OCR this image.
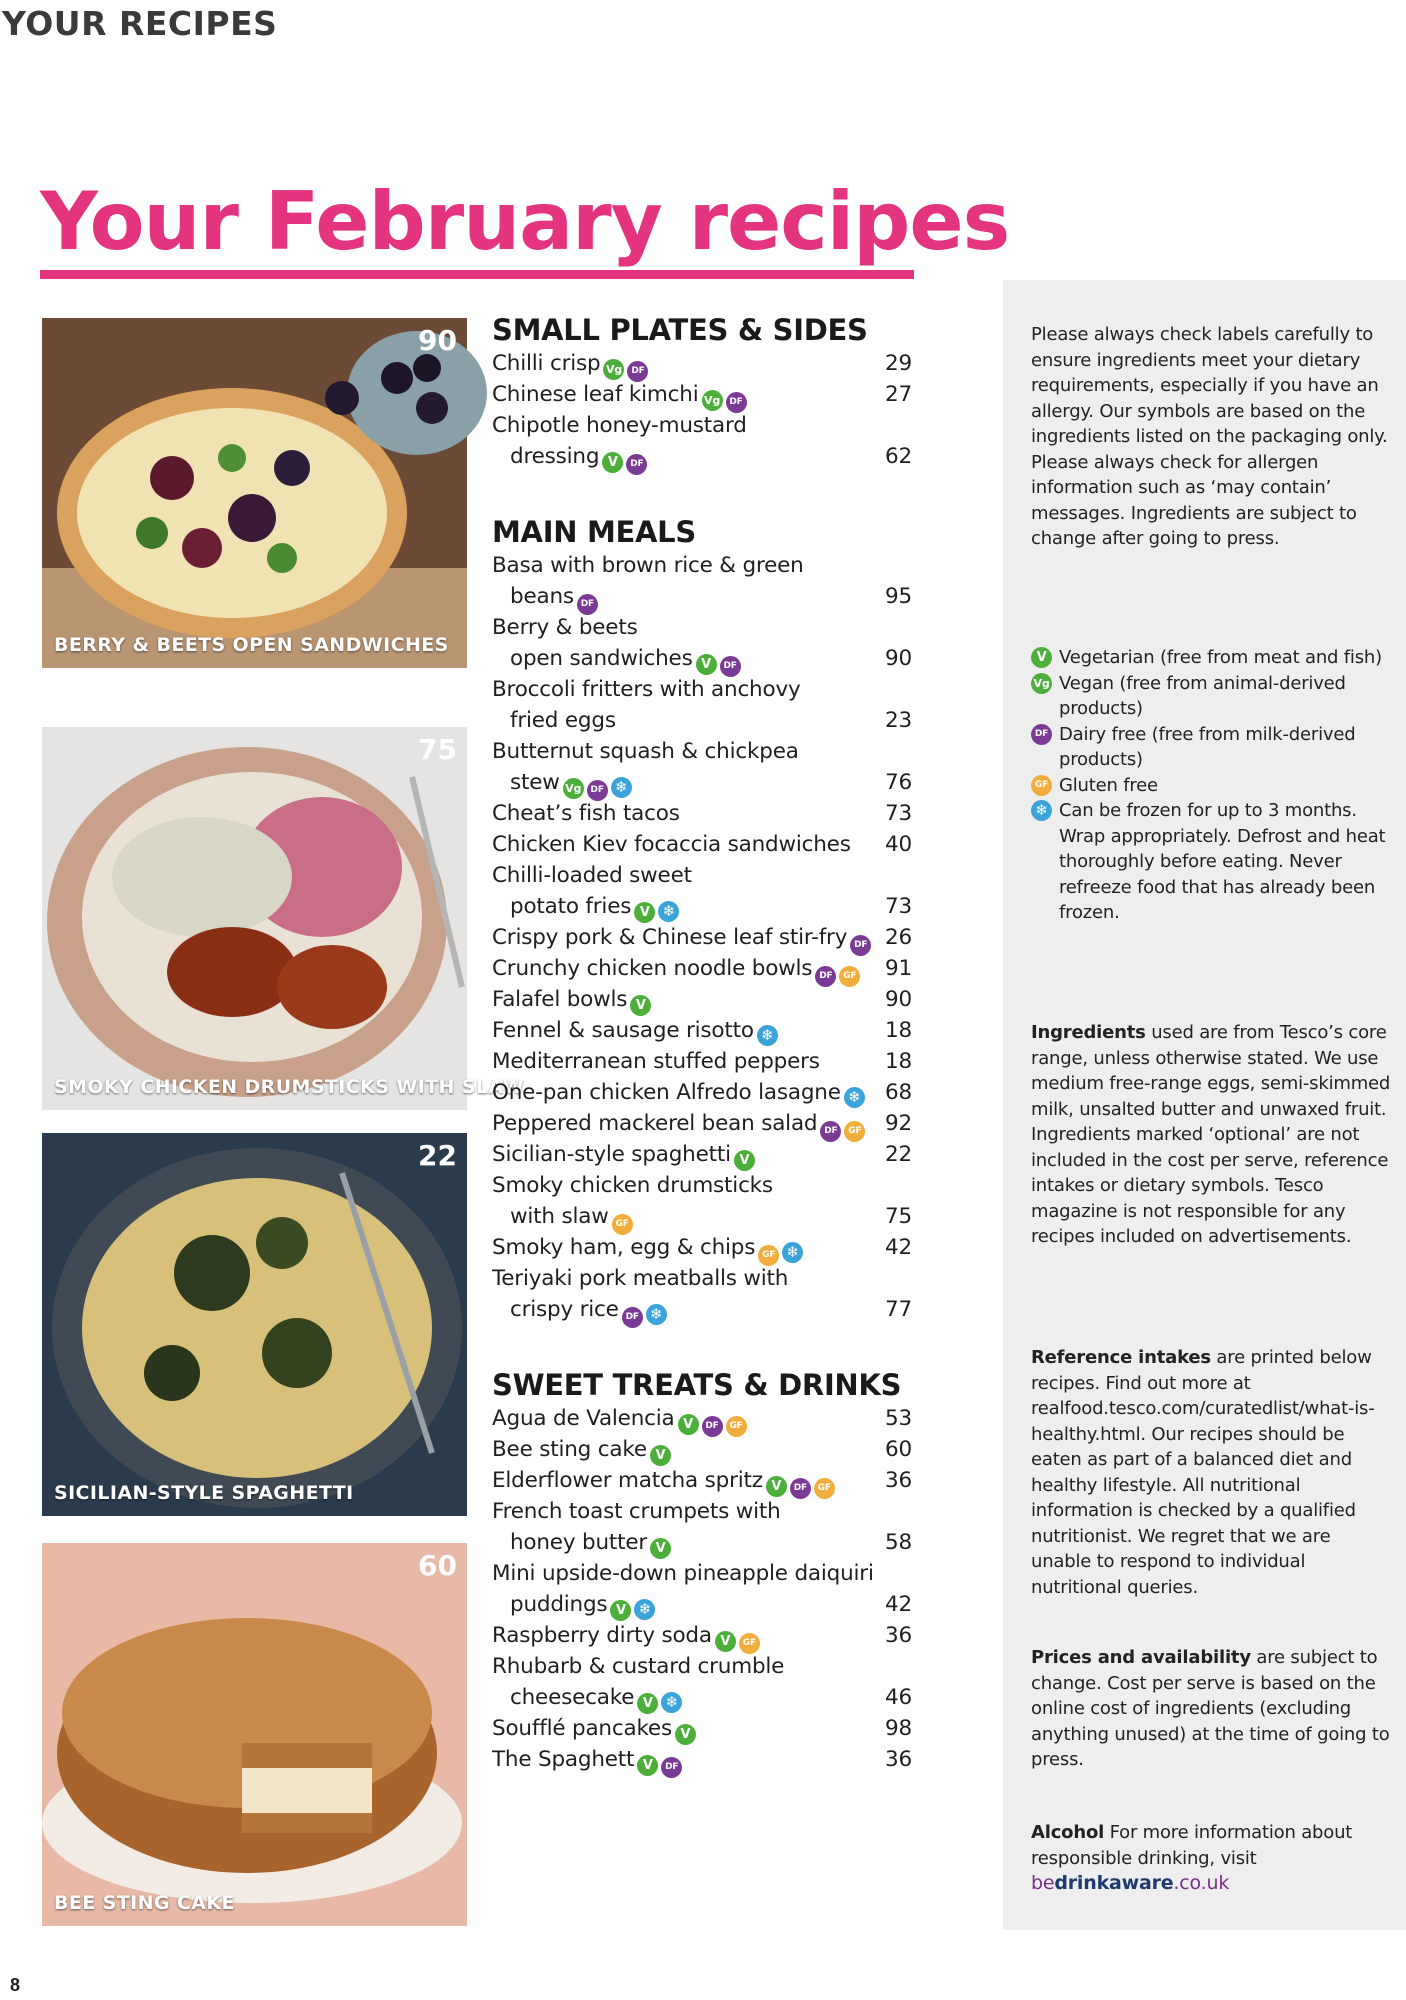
YOUR RECIPES
Your February recipes
90
BERRY & BEETS OPEN SANDWICHES
75
SMOKY CHICKEN DRUMSTICKS WITH SLAW
22
SICILIAN-STYLE SPAGHETTI
60
BEE STING CAKE
SMALL PLATES & SIDES
Chilli crisp Vg DF	29
Chinese leaf kimchi Vg DF	27
Chipotle honey-mustard
dressing V DF	62
MAIN MEALS
Basa with brown rice & green
beans DF	95
Berry & beets
open sandwiches V DF	90
Broccoli fritters with anchovy
fried eggs	23
Butternut squash & chickpea
stew Vg DF ❄	76
Cheat’s fish tacos	73
Chicken Kiev focaccia sandwiches 40
Chilli-loaded sweet
potato fries V ❄	73
Crispy pork & Chinese leaf stir-fry DF 26
Crunchy chicken noodle bowls DF GF 91
Falafel bowls V	90
Fennel & sausage risotto ❄	18
Mediterranean stuffed peppers	18
One-pan chicken Alfredo lasagne ❄ 68
Peppered mackerel bean salad DF GF 92
Sicilian-style spaghetti V	22
Smoky chicken drumsticks
with slaw GF	75
Smoky ham, egg & chips GF ❄	42
Teriyaki pork meatballs with
crispy rice DF ❄	77
SWEET TREATS & DRINKS
Agua de Valencia V DF GF	53
Bee sting cake V	60
Elderflower matcha spritz V DF GF	36
French toast crumpets with
honey butter V	58
Mini upside-down pineapple daiquiri
puddings V ❄	42
Raspberry dirty soda V GF	36
Rhubarb & custard crumble
cheesecake V ❄	46
Soufflé pancakes V	98
The Spaghett V DF	36
Please always check labels carefully to ensure ingredients meet your dietary requirements, especially if you have an allergy. Our symbols are based on the ingredients listed on the packaging only. Please always check for allergen information such as ‘may contain’ messages. Ingredients are subject to change after going to press.
V Vegetarian (free from meat and fish)
Vg Vegan (free from animal-derived products)
DF Dairy free (free from milk-derived products)
GF Gluten free
❄ Can be frozen for up to 3 months. Wrap appropriately. Defrost and heat thoroughly before eating. Never refreeze food that has already been frozen.
Ingredients used are from Tesco’s core range, unless otherwise stated. We use medium free-range eggs, semi-skimmed milk, unsalted butter and unwaxed fruit. Ingredients marked ‘optional’ are not included in the cost per serve, reference intakes or dietary symbols. Tesco magazine is not responsible for any recipes included on advertisements.
Reference intakes are printed below recipes. Find out more at realfood.tesco.com/curatedlist/what-is-healthy.html. Our recipes should be eaten as part of a balanced diet and healthy lifestyle. All nutritional information is checked by a qualified nutritionist. We regret that we are unable to respond to individual nutritional queries.
Prices and availability are subject to change. Cost per serve is based on the online cost of ingredients (excluding anything unused) at the time of going to press.
Alcohol For more information about responsible drinking, visit
bedrinkaware.co.uk
8
